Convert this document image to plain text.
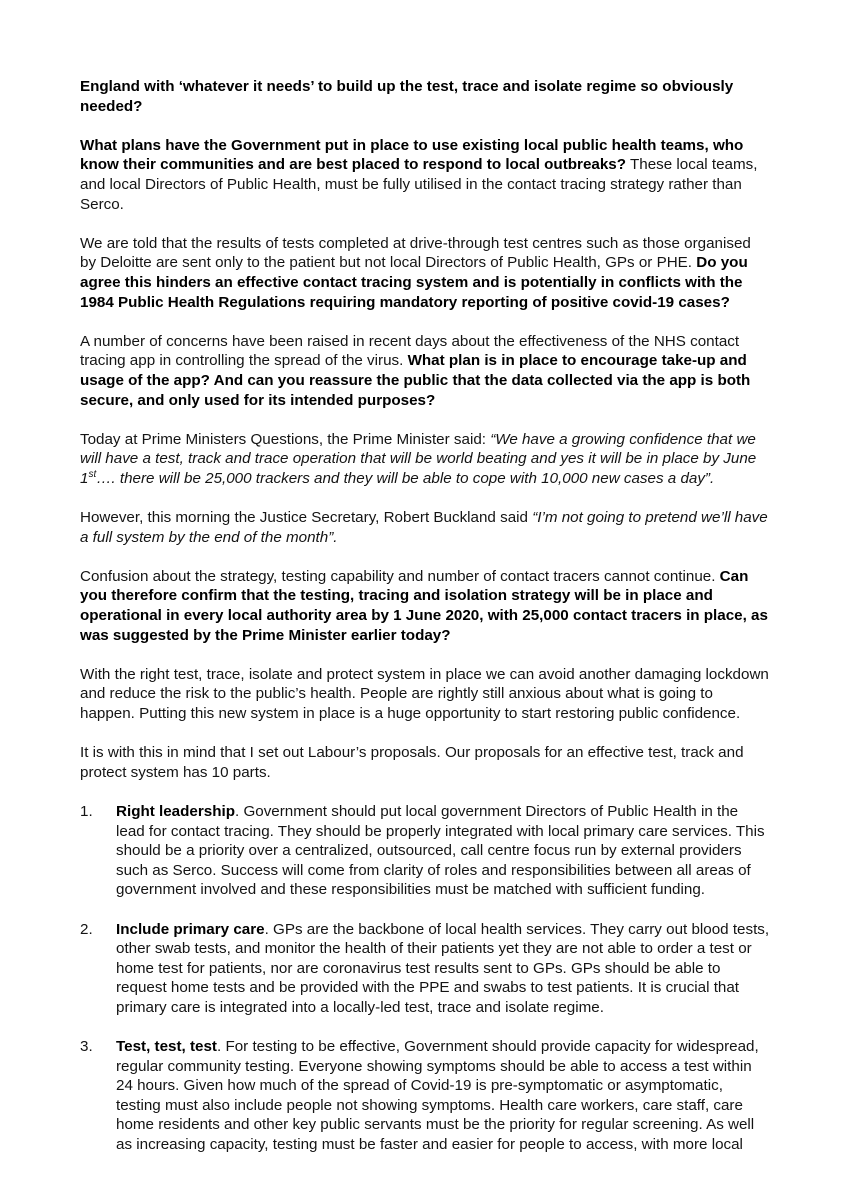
England with ‘whatever it needs’ to build up the test, trace and isolate regime so obviously needed?

What plans have the Government put in place to use existing local public health teams, who know their communities and are best placed to respond to local outbreaks? These local teams, and local Directors of Public Health, must be fully utilised in the contact tracing strategy rather than Serco.

We are told that the results of tests completed at drive-through test centres such as those organised by Deloitte are sent only to the patient but not local Directors of Public Health, GPs or PHE. Do you agree this hinders an effective contact tracing system and is potentially in conflicts with the 1984 Public Health Regulations requiring mandatory reporting of positive covid-19 cases?

A number of concerns have been raised in recent days about the effectiveness of the NHS contact tracing app in controlling the spread of the virus. What plan is in place to encourage take-up and usage of the app? And can you reassure the public that the data collected via the app is both secure, and only used for its intended purposes?

Today at Prime Ministers Questions, the Prime Minister said: “We have a growing confidence that we will have a test, track and trace operation that will be world beating and yes it will be in place by June 1st…. there will be 25,000 trackers and they will be able to cope with 10,000 new cases a day”.

However, this morning the Justice Secretary, Robert Buckland said “I’m not going to pretend we’ll have a full system by the end of the month”.

Confusion about the strategy, testing capability and number of contact tracers cannot continue. Can you therefore confirm that the testing, tracing and isolation strategy will be in place and operational in every local authority area by 1 June 2020, with 25,000 contact tracers in place, as was suggested by the Prime Minister earlier today?

With the right test, trace, isolate and protect system in place we can avoid another damaging lockdown and reduce the risk to the public’s health. People are rightly still anxious about what is going to happen. Putting this new system in place is a huge opportunity to start restoring public confidence.

It is with this in mind that I set out Labour’s proposals. Our proposals for an effective test, track and protect system has 10 parts.

1. Right leadership. Government should put local government Directors of Public Health in the lead for contact tracing. They should be properly integrated with local primary care services. This should be a priority over a centralized, outsourced, call centre focus run by external providers such as Serco. Success will come from clarity of roles and responsibilities between all areas of government involved and these responsibilities must be matched with sufficient funding.
2. Include primary care. GPs are the backbone of local health services. They carry out blood tests, other swab tests, and monitor the health of their patients yet they are not able to order a test or home test for patients, nor are coronavirus test results sent to GPs. GPs should be able to request home tests and be provided with the PPE and swabs to test patients. It is crucial that primary care is integrated into a locally-led test, trace and isolate regime.
3. Test, test, test. For testing to be effective, Government should provide capacity for widespread, regular community testing. Everyone showing symptoms should be able to access a test within 24 hours. Given how much of the spread of Covid-19 is pre-symptomatic or asymptomatic, testing must also include people not showing symptoms. Health care workers, care staff, care home residents and other key public servants must be the priority for regular screening. As well as increasing capacity, testing must be faster and easier for people to access, with more local
